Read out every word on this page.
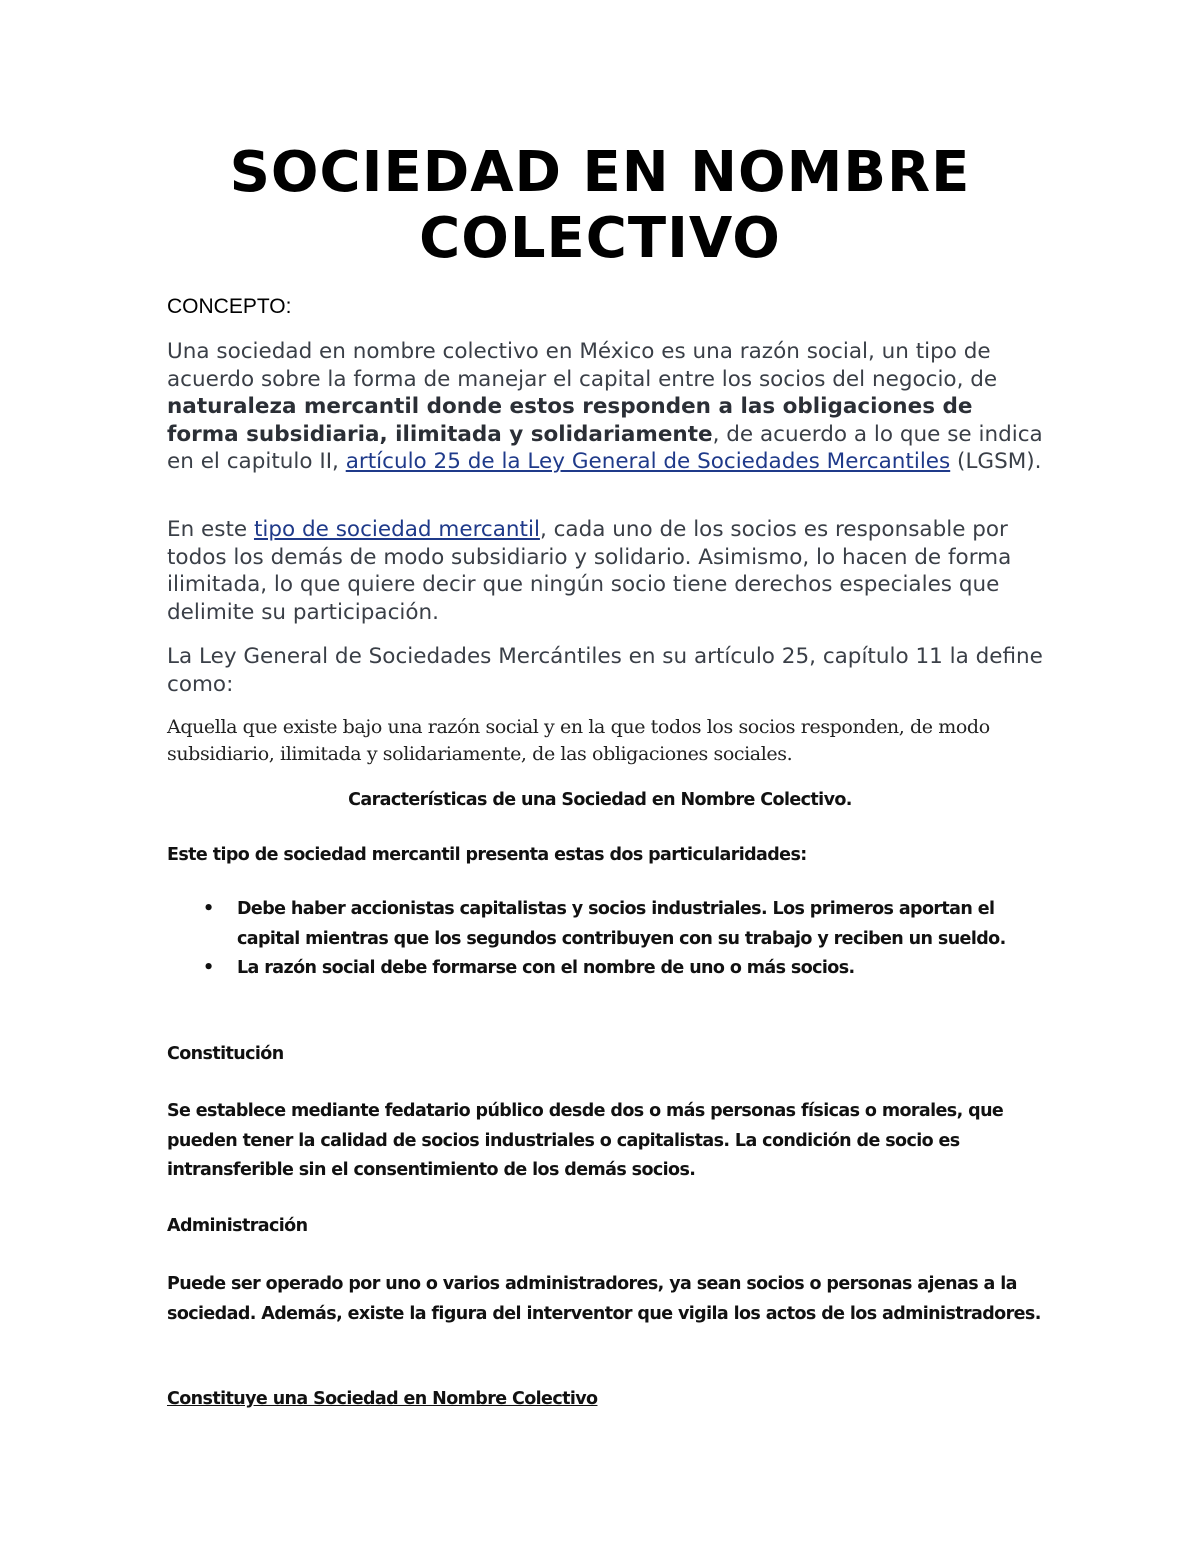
SOCIEDAD EN NOMBRE
COLECTIVO
CONCEPTO:

Una sociedad en nombre colectivo en México es una razón social, un tipo de acuerdo sobre la forma de manejar el capital entre los socios del negocio, de naturaleza mercantil donde estos responden a las obligaciones de forma subsidiaria, ilimitada y solidariamente, de acuerdo a lo que se indica en el capitulo II, artículo 25 de la Ley General de Sociedades Mercantiles (LGSM).

En este tipo de sociedad mercantil, cada uno de los socios es responsable por todos los demás de modo subsidiario y solidario. Asimismo, lo hacen de forma ilimitada, lo que quiere decir que ningún socio tiene derechos especiales que delimite su participación.

La Ley General de Sociedades Mercántiles en su artículo 25, capítulo 11 la define como:

Aquella que existe bajo una razón social y en la que todos los socios responden, de modo subsidiario, ilimitada y solidariamente, de las obligaciones sociales.

Características de una Sociedad en Nombre Colectivo.

Este tipo de sociedad mercantil presenta estas dos particularidades:

• Debe haber accionistas capitalistas y socios industriales. Los primeros aportan el capital mientras que los segundos contribuyen con su trabajo y reciben un sueldo.
• La razón social debe formarse con el nombre de uno o más socios.

Constitución

Se establece mediante fedatario público desde dos o más personas físicas o morales, que pueden tener la calidad de socios industriales o capitalistas. La condición de socio es intransferible sin el consentimiento de los demás socios.

Administración

Puede ser operado por uno o varios administradores, ya sean socios o personas ajenas a la sociedad. Además, existe la figura del interventor que vigila los actos de los administradores.

Constituye una Sociedad en Nombre Colectivo
